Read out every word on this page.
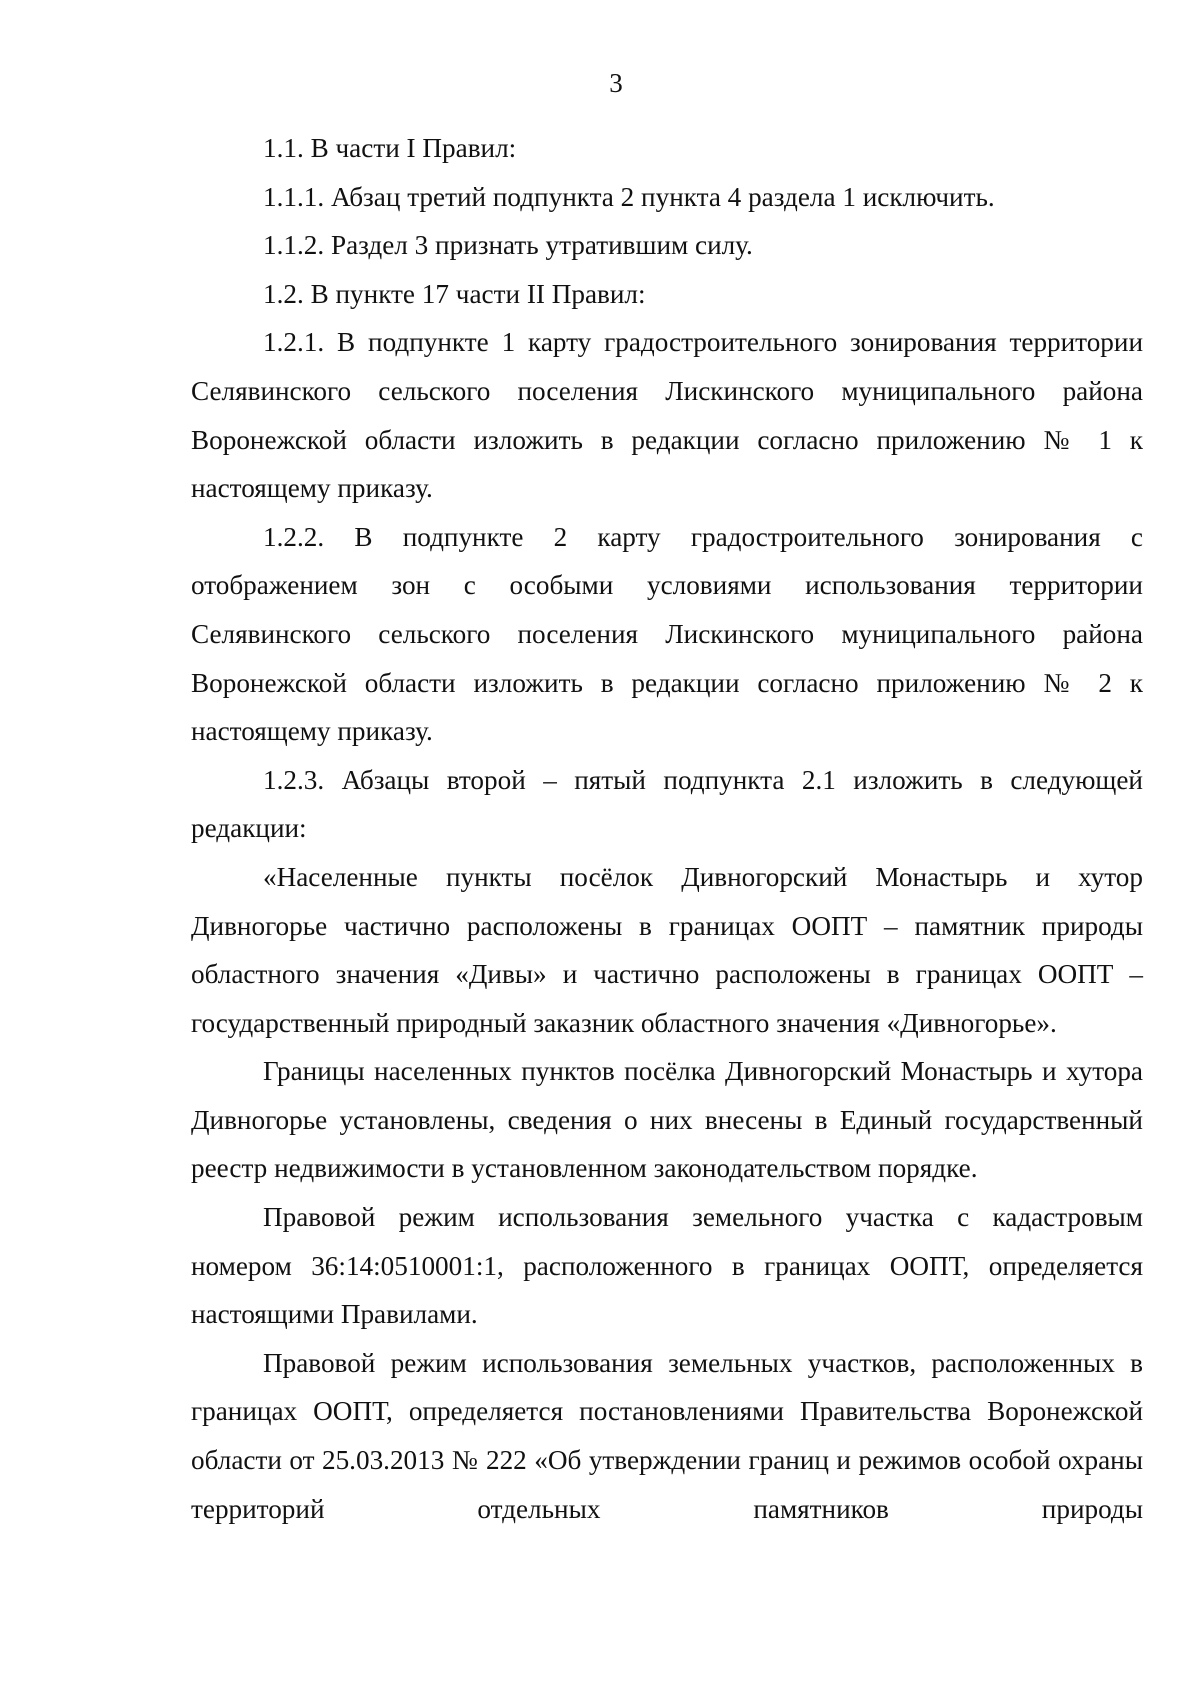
3

1.1. В части I Правил:

1.1.1. Абзац третий подпункта 2 пункта 4 раздела 1 исключить.

1.1.2. Раздел 3 признать утратившим силу.

1.2. В пункте 17 части II Правил:

1.2.1. В подпункте 1 карту градостроительного зонирования территории Селявинского сельского поселения Лискинского муниципального района Воронежской области изложить в редакции согласно приложению № 1 к настоящему приказу.

1.2.2. В подпункте 2 карту градостроительного зонирования с отображением зон с особыми условиями использования территории Селявинского сельского поселения Лискинского муниципального района Воронежской области изложить в редакции согласно приложению № 2 к настоящему приказу.

1.2.3. Абзацы второй – пятый подпункта 2.1 изложить в следующей редакции:

«Населенные пункты посёлок Дивногорский Монастырь и хутор Дивногорье частично расположены в границах ООПТ – памятник природы областного значения «Дивы» и частично расположены в границах ООПТ – государственный природный заказник областного значения «Дивногорье».

Границы населенных пунктов посёлка Дивногорский Монастырь и хутора Дивногорье установлены, сведения о них внесены в Единый государственный реестр недвижимости в установленном законодательством порядке.

Правовой режим использования земельного участка с кадастровым номером 36:14:0510001:1, расположенного в границах ООПТ, определяется настоящими Правилами.

Правовой режим использования земельных участков, расположенных в границах ООПТ, определяется постановлениями Правительства Воронежской области от 25.03.2013 № 222 «Об утверждении границ и режимов особой охраны территорий отдельных памятников природы
